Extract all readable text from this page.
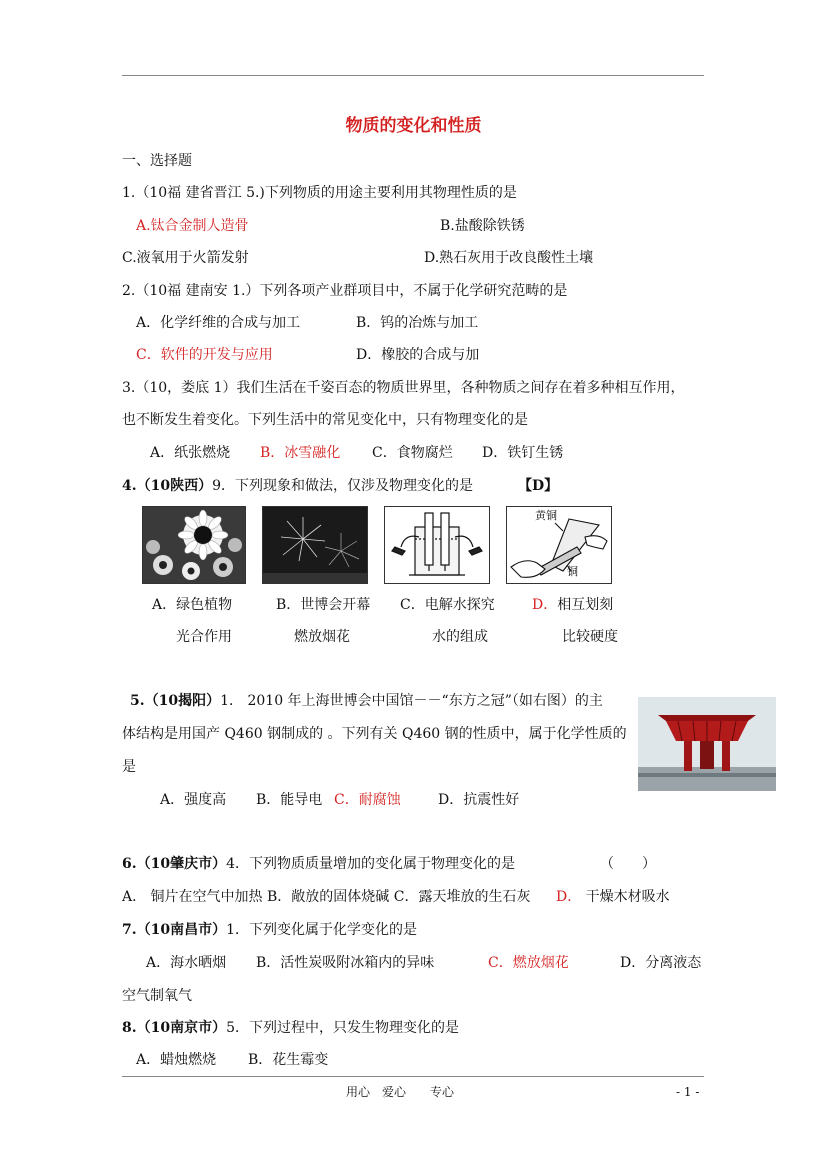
物质的变化和性质
一、选择题
1.（10福 建省晋江 5.)下列物质的用途主要利用其物理性质的是
A.钛合金制人造骨	B.盐酸除铁锈
C.液氧用于火箭发射	D.熟石灰用于改良酸性土壤
2.（10福 建南安 1.）下列各项产业群项目中，不属于化学研究范畴的是
A．化学纤维的合成与加工	B．钨的冶炼与加工
C．软件的开发与应用	D．橡胶的合成与加
3.（10，娄底 1）我们生活在千姿百态的物质世界里，各种物质之间存在着多种相互作用，
也不断发生着变化。下列生活中的常见变化中，只有物理变化的是
A．纸张燃烧 B．冰雪融化 C．食物腐烂 D．铁钉生锈
4.（10陕西）9．下列现象和做法，仅涉及物理变化的是	【D】
黄铜
铜
A．绿色植物	B．世博会开幕 C．电解水探究	D．相互划刻
光合作用	燃放烟花	水的组成	比较硬度
5.（10揭阳）1． 2010 年上海世博会中国馆－－“东方之冠”（如右图）的主
体结构是用国产 Q460 钢制成的 。下列有关 Q460 钢的性质中，属于化学性质的
是
A．强度高 B．能导电 C．耐腐蚀	D．抗震性好
6.（10肇庆市）4．下列物质质量增加的变化属于物理变化的是	（　　）
A． 铜片在空气中加热 B．敞放的固体烧碱 C．露天堆放的生石灰 D． 干燥木材吸水
7.（10南昌市）1．下列变化属于化学变化的是
A．海水晒烟 B．活性炭吸附冰箱内的异味	C．燃放烟花	D．分离液态
空气制氧气
8.（10南京市）5．下列过程中，只发生物理变化的是
A．蜡烛燃烧 B．花生霉变
用心　爱心　　专心	- 1 -
